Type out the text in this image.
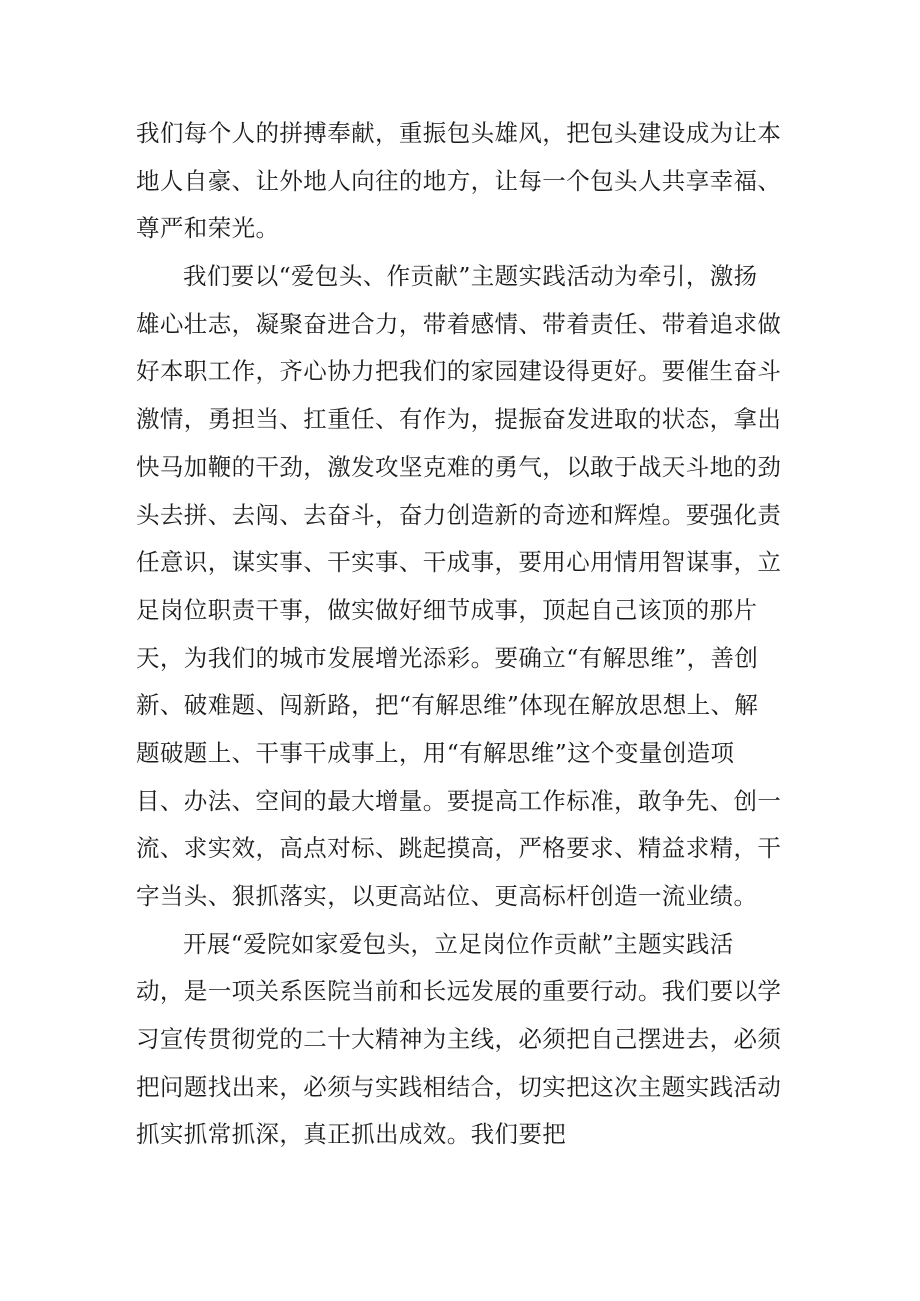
我们每个人的拼搏奉献，重振包头雄风，把包头建设成为让本
地人自豪、让外地人向往的地方，让每一个包头人共享幸福、
尊严和荣光。
我们要以“爱包头、作贡献”主题实践活动为牵引，激扬
雄心壮志，凝聚奋进合力，带着感情、带着责任、带着追求做
好本职工作，齐心协力把我们的家园建设得更好。要催生奋斗
激情，勇担当、扛重任、有作为，提振奋发进取的状态，拿出
快马加鞭的干劲，激发攻坚克难的勇气，以敢于战天斗地的劲
头去拼、去闯、去奋斗，奋力创造新的奇迹和辉煌。要强化责
任意识，谋实事、干实事、干成事，要用心用情用智谋事，立
足岗位职责干事，做实做好细节成事，顶起自己该顶的那片
天，为我们的城市发展增光添彩。要确立“有解思维”，善创
新、破难题、闯新路，把“有解思维”体现在解放思想上、解
题破题上、干事干成事上，用“有解思维”这个变量创造项
目、办法、空间的最大增量。要提高工作标准，敢争先、创一
流、求实效，高点对标、跳起摸高，严格要求、精益求精，干
字当头、狠抓落实，以更高站位、更高标杆创造一流业绩。
开展“爱院如家爱包头，立足岗位作贡献”主题实践活
动，是一项关系医院当前和长远发展的重要行动。我们要以学
习宣传贯彻党的二十大精神为主线，必须把自己摆进去，必须
把问题找出来，必须与实践相结合，切实把这次主题实践活动
抓实抓常抓深，真正抓出成效。我们要把
